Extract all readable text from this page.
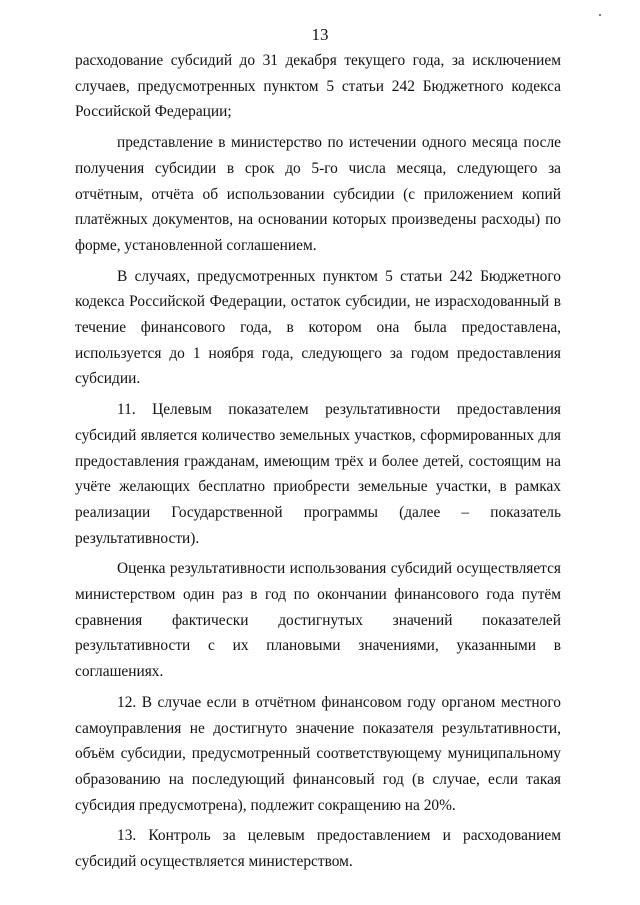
13

расходование субсидий до 31 декабря текущего года, за исключением случаев, предусмотренных пунктом 5 статьи 242 Бюджетного кодекса Российской Федерации;

представление в министерство по истечении одного месяца после получения субсидии в срок до 5-го числа месяца, следующего за отчётным, отчёта об использовании субсидии (с приложением копий платёжных документов, на основании которых произведены расходы) по форме, установленной соглашением.

В случаях, предусмотренных пунктом 5 статьи 242 Бюджетного кодекса Российской Федерации, остаток субсидии, не израсходованный в течение финансового года, в котором она была предоставлена, используется до 1 ноября года, следующего за годом предоставления субсидии.

11. Целевым показателем результативности предоставления субсидий является количество земельных участков, сформированных для предоставления гражданам, имеющим трёх и более детей, состоящим на учёте желающих бесплатно приобрести земельные участки, в рамках реализации Государственной программы (далее – показатель результативности).

Оценка результативности использования субсидий осуществляется министерством один раз в год по окончании финансового года путём сравнения фактически достигнутых значений показателей результативности с их плановыми значениями, указанными в соглашениях.

12. В случае если в отчётном финансовом году органом местного самоуправления не достигнуто значение показателя результативности, объём субсидии, предусмотренный соответствующему муниципальному образованию на последующий финансовый год (в случае, если такая субсидия предусмотрена), подлежит сокращению на 20%.

13. Контроль за целевым предоставлением и расходованием субсидий осуществляется министерством.
